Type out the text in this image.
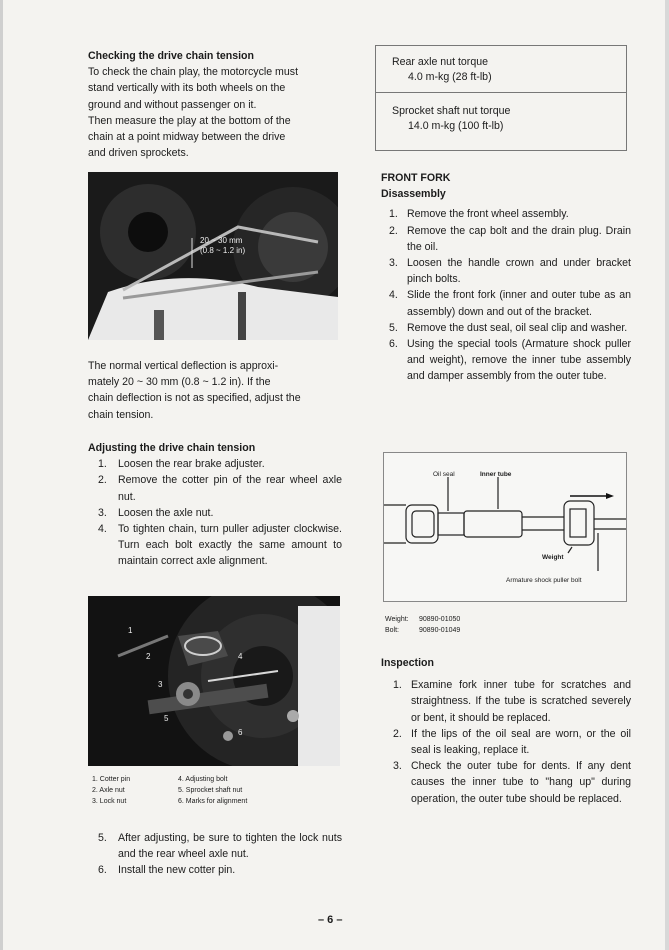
Checking the drive chain tension

To check the chain play, the motorcycle must

stand vertically with its both wheels on the

ground and without passenger on it.

Then measure the play at the bottom of the

chain at a point midway between the drive

and driven sprockets.

20 ~ 30 mm
(0.8 ~ 1.2 in)

The normal vertical deflection is approxi-

mately 20 ~ 30 mm (0.8 ~ 1.2 in). If the

chain deflection is not as specified, adjust the

chain tension.

Adjusting the drive chain tension

1.	Loosen the rear brake adjuster.
2.	Remove the cotter pin of the rear wheel axle nut.
3.	Loosen the axle nut.
4.	To tighten chain, turn puller adjuster clockwise. Turn each bolt exactly the same amount to maintain correct axle alignment.
1
2
3
4
5
6
1. Cotter pin
2. Axle nut
3. Lock nut
4. Adjusting bolt
5. Sprocket shaft nut
6. Marks for alignment
5.	After adjusting, be sure to tighten the lock nuts and the rear wheel axle nut.
6.	Install the new cotter pin.
Rear axle nut torque
4.0 m-kg (28 ft-lb)
Sprocket shaft nut torque
14.0 m-kg (100 ft-lb)

FRONT FORK

Disassembly

1. Remove the front wheel assembly.
2. Remove the cap bolt and the drain plug. Drain the oil.
3. Loosen the handle crown and under bracket pinch bolts.
4. Slide the front fork (inner and outer tube as an assembly) down and out of the bracket.
5. Remove the dust seal, oil seal clip and washer.
6. Using the special tools (Armature shock puller and weight), remove the inner tube assembly and damper assembly from the outer tube.
Oil seal	Inner tube
Weight
Armature shock puller bolt
Weight: 90890-01050
Bolt:	90890-01049

Inspection

1. Examine fork inner tube for scratches and straightness. If the tube is scratched severely or bent, it should be replaced.
2. If the lips of the oil seal are worn, or the oil seal is leaking, replace it.
3. Check the outer tube for dents. If any dent causes the inner tube to "hang up" during operation, the outer tube should be replaced.
– 6 –
